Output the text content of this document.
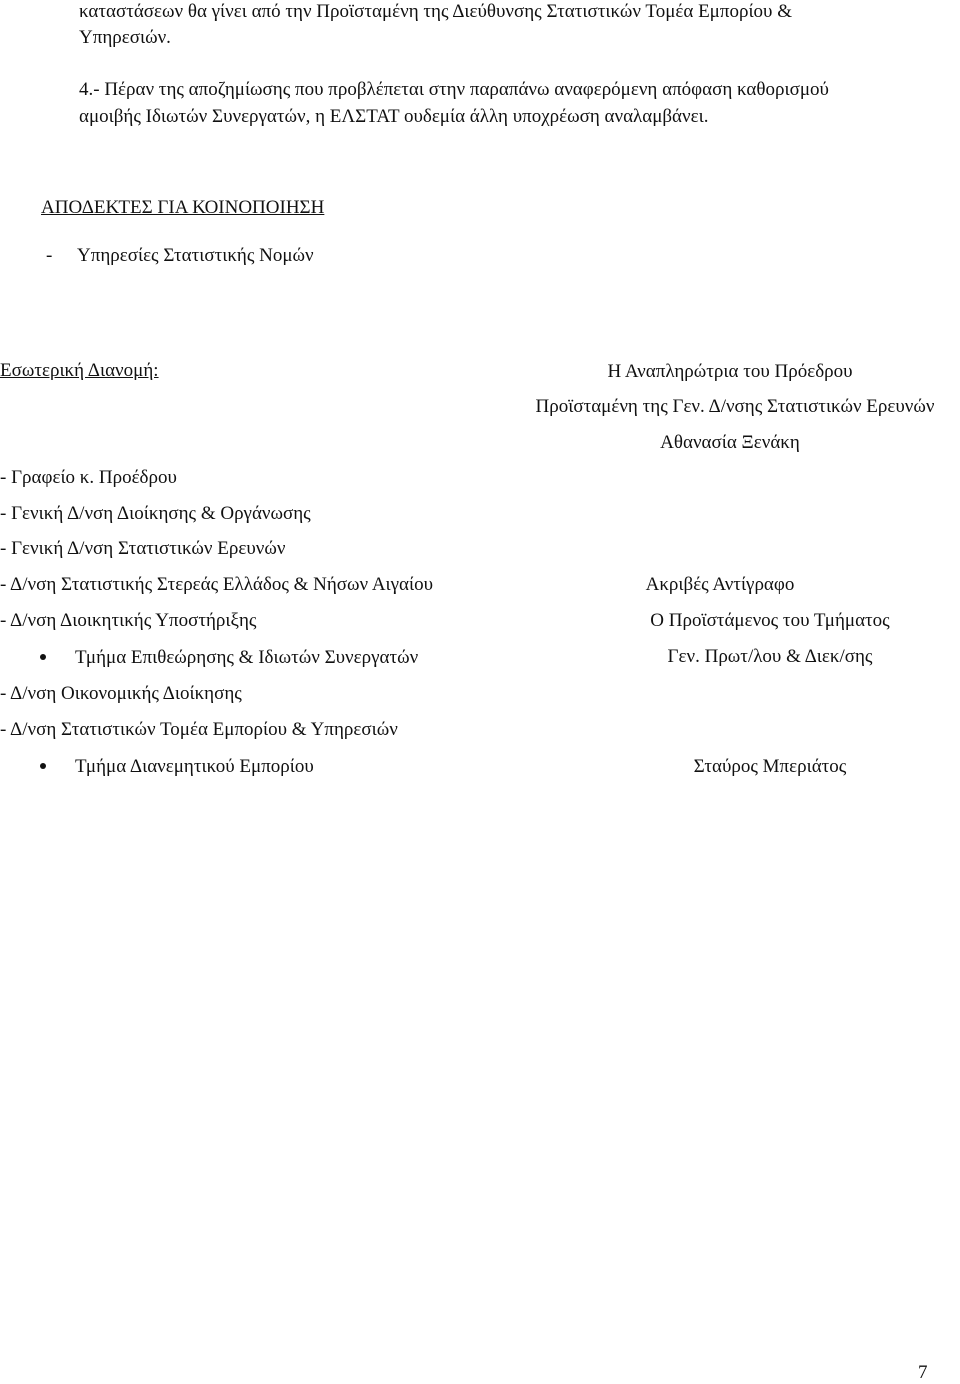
καταστάσεων θα γίνει από την Προϊσταμένη της Διεύθυνσης Στατιστικών Τομέα Εμπορίου &
Υπηρεσιών.
4.- Πέραν της αποζημίωσης που προβλέπεται στην παραπάνω αναφερόμενη απόφαση καθορισμού
αμοιβής Ιδιωτών Συνεργατών, η ΕΛΣΤΑΤ ουδεμία άλλη υποχρέωση αναλαμβάνει.
ΑΠΟΔΕΚΤΕΣ ΓΙΑ ΚΟΙΝΟΠΟΙΗΣΗ
- Υπηρεσίες Στατιστικής Νομών
Εσωτερική Διανομή:
- Γραφείο κ. Προέδρου
- Γενική Δ/νση Διοίκησης & Οργάνωσης
- Γενική Δ/νση Στατιστικών Ερευνών
- Δ/νση Στατιστικής Στερεάς Ελλάδος & Νήσων Αιγαίου
- Δ/νση Διοικητικής Υποστήριξης
Τμήμα Επιθεώρησης & Ιδιωτών Συνεργατών
- Δ/νση Οικονομικής Διοίκησης
- Δ/νση Στατιστικών Τομέα Εμπορίου & Υπηρεσιών
Τμήμα Διανεμητικού Εμπορίου
Η Αναπληρώτρια του Πρόεδρου
Προϊσταμένη της Γεν. Δ/νσης Στατιστικών Ερευνών
Αθανασία Ξενάκη
Ακριβές Αντίγραφο
Ο Προϊστάμενος του Τμήματος
Γεν. Πρωτ/λου & Διεκ/σης
Σταύρος Μπεριάτος
7
